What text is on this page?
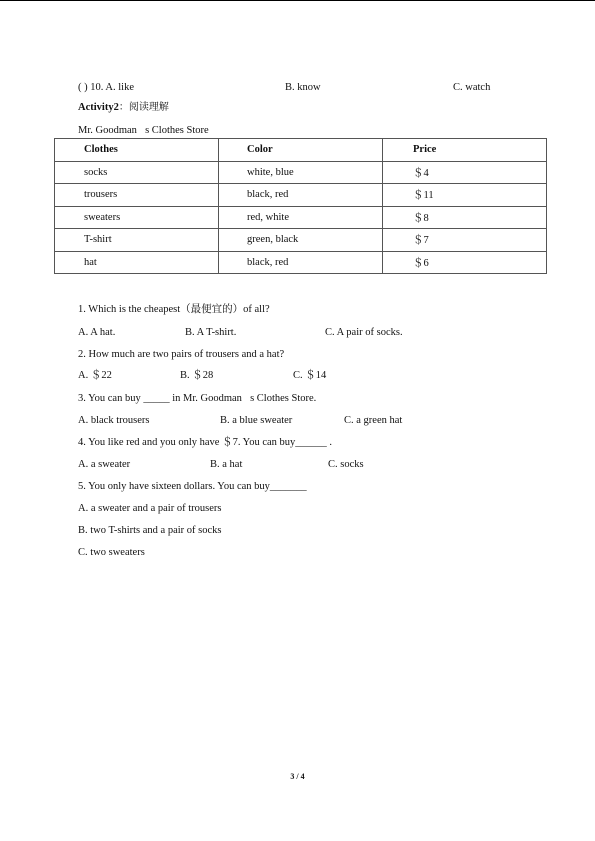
( ) 10. A. like	B. know	C. watch
Activity2：阅读理解
Mr. Goodman s Clothes Store
Clothes	Color	Price
socks	white, blue	＄4
trousers	black, red	＄11
sweaters	red, white	＄8
T-shirt	green, black	＄7
hat	black, red	＄6
1. Which is the cheapest（最便宜的）of all?
A. A hat.	B. A T-shirt.	C. A pair of socks.
2. How much are two pairs of trousers and a hat?
A. ＄22	B. ＄28	C. ＄14
3. You can buy _____ in Mr. Goodman s Clothes Store.
A. black trousers	B. a blue sweater	C. a green hat
4. You like red and you only have ＄7. You can buy______ .
A. a sweater	B. a hat	C. socks
5. You only have sixteen dollars. You can buy_______
A. a sweater and a pair of trousers
B. two T-shirts and a pair of socks
C. two sweaters
3 / 4
